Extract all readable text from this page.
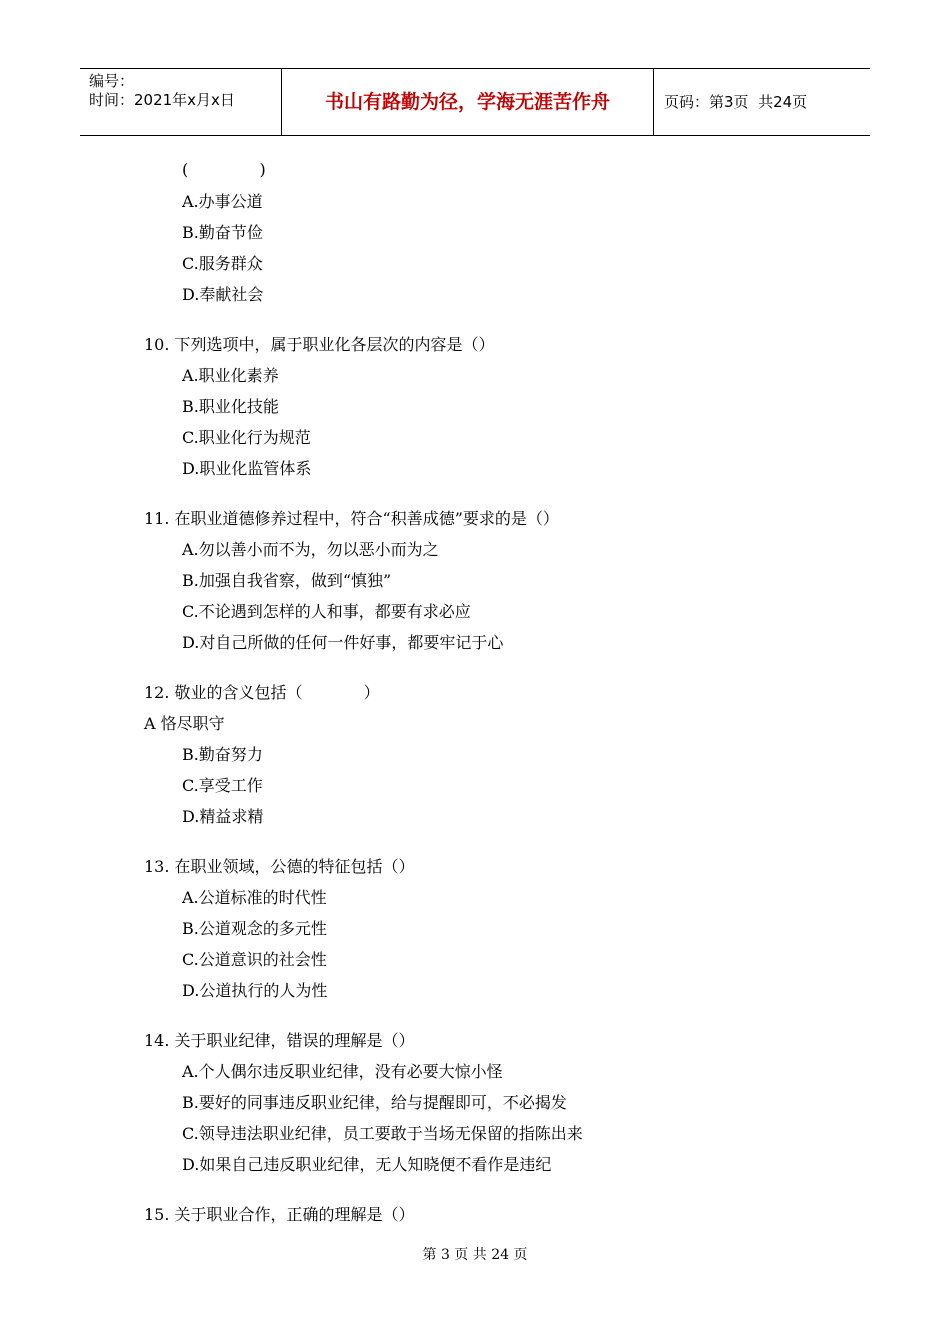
编号：
时间：2021年x月x日	书山有路勤为径，学海无涯苦作舟	页码：第3页  共24页
(              )
A.办事公道
B.勤奋节俭
C.服务群众
D.奉献社会
10. 下列选项中，属于职业化各层次的内容是（）
A.职业化素养
B.职业化技能
C.职业化行为规范
D.职业化监管体系
11. 在职业道德修养过程中，符合“积善成德”要求的是（）
A.勿以善小而不为，勿以恶小而为之
B.加强自我省察，做到“慎独”
C.不论遇到怎样的人和事，都要有求必应
D.对自己所做的任何一件好事，都要牢记于心
12. 敬业的含义包括（            ）
A 恪尽职守
B.勤奋努力
C.享受工作
D.精益求精
13. 在职业领域，公德的特征包括（）
A.公道标准的时代性
B.公道观念的多元性
C.公道意识的社会性
D.公道执行的人为性
14. 关于职业纪律，错误的理解是（）
A.个人偶尔违反职业纪律，没有必要大惊小怪
B.要好的同事违反职业纪律，给与提醒即可，不必揭发
C.领导违法职业纪律，员工要敢于当场无保留的指陈出来
D.如果自己违反职业纪律，无人知晓便不看作是违纪
15. 关于职业合作，正确的理解是（）
第 3 页 共 24 页
